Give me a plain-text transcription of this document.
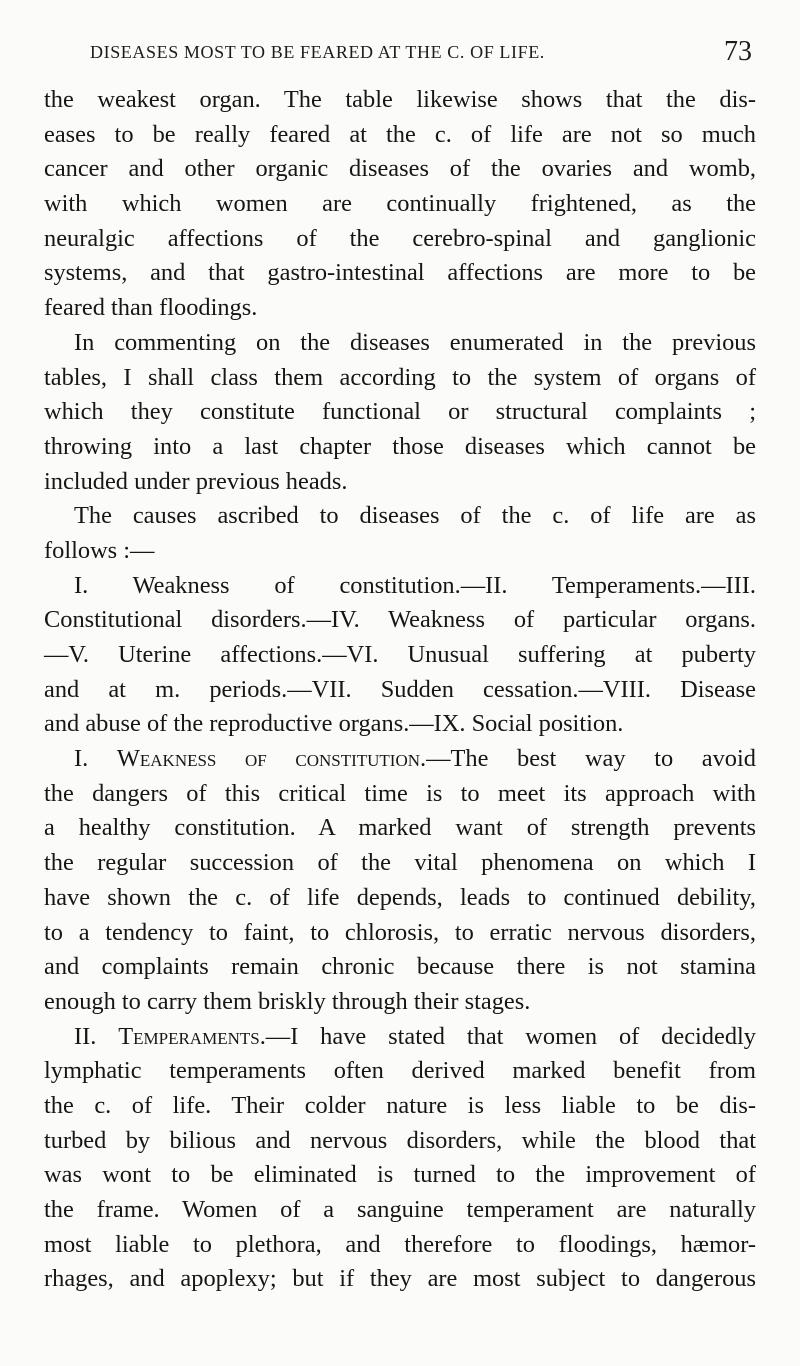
DISEASES MOST TO BE FEARED AT THE C. OF LIFE.	73
the weakest organ. The table likewise shows that the dis-
eases to be really feared at the c. of life are not so much
cancer and other organic diseases of the ovaries and womb,
with which women are continually frightened, as the
neuralgic affections of the cerebro-spinal and ganglionic
systems, and that gastro-intestinal affections are more to be
feared than floodings.
In commenting on the diseases enumerated in the previous
tables, I shall class them according to the system of organs of
which they constitute functional or structural complaints ;
throwing into a last chapter those diseases which cannot be
included under previous heads.
The causes ascribed to diseases of the c. of life are as
follows :—
I. Weakness of constitution.—II. Temperaments.—III.
Constitutional disorders.—IV. Weakness of particular organs.
—V. Uterine affections.—VI. Unusual suffering at puberty
and at m. periods.—VII. Sudden cessation.—VIII. Disease
and abuse of the reproductive organs.—IX. Social position.
I. Weakness of constitution.—The best way to avoid
the dangers of this critical time is to meet its approach with
a healthy constitution. A marked want of strength prevents
the regular succession of the vital phenomena on which I
have shown the c. of life depends, leads to continued debility,
to a tendency to faint, to chlorosis, to erratic nervous disorders,
and complaints remain chronic because there is not stamina
enough to carry them briskly through their stages.
II. Temperaments.—I have stated that women of decidedly
lymphatic temperaments often derived marked benefit from
the c. of life. Their colder nature is less liable to be dis-
turbed by bilious and nervous disorders, while the blood that
was wont to be eliminated is turned to the improvement of
the frame. Women of a sanguine temperament are naturally
most liable to plethora, and therefore to floodings, hæmor-
rhages, and apoplexy; but if they are most subject to dangerous
